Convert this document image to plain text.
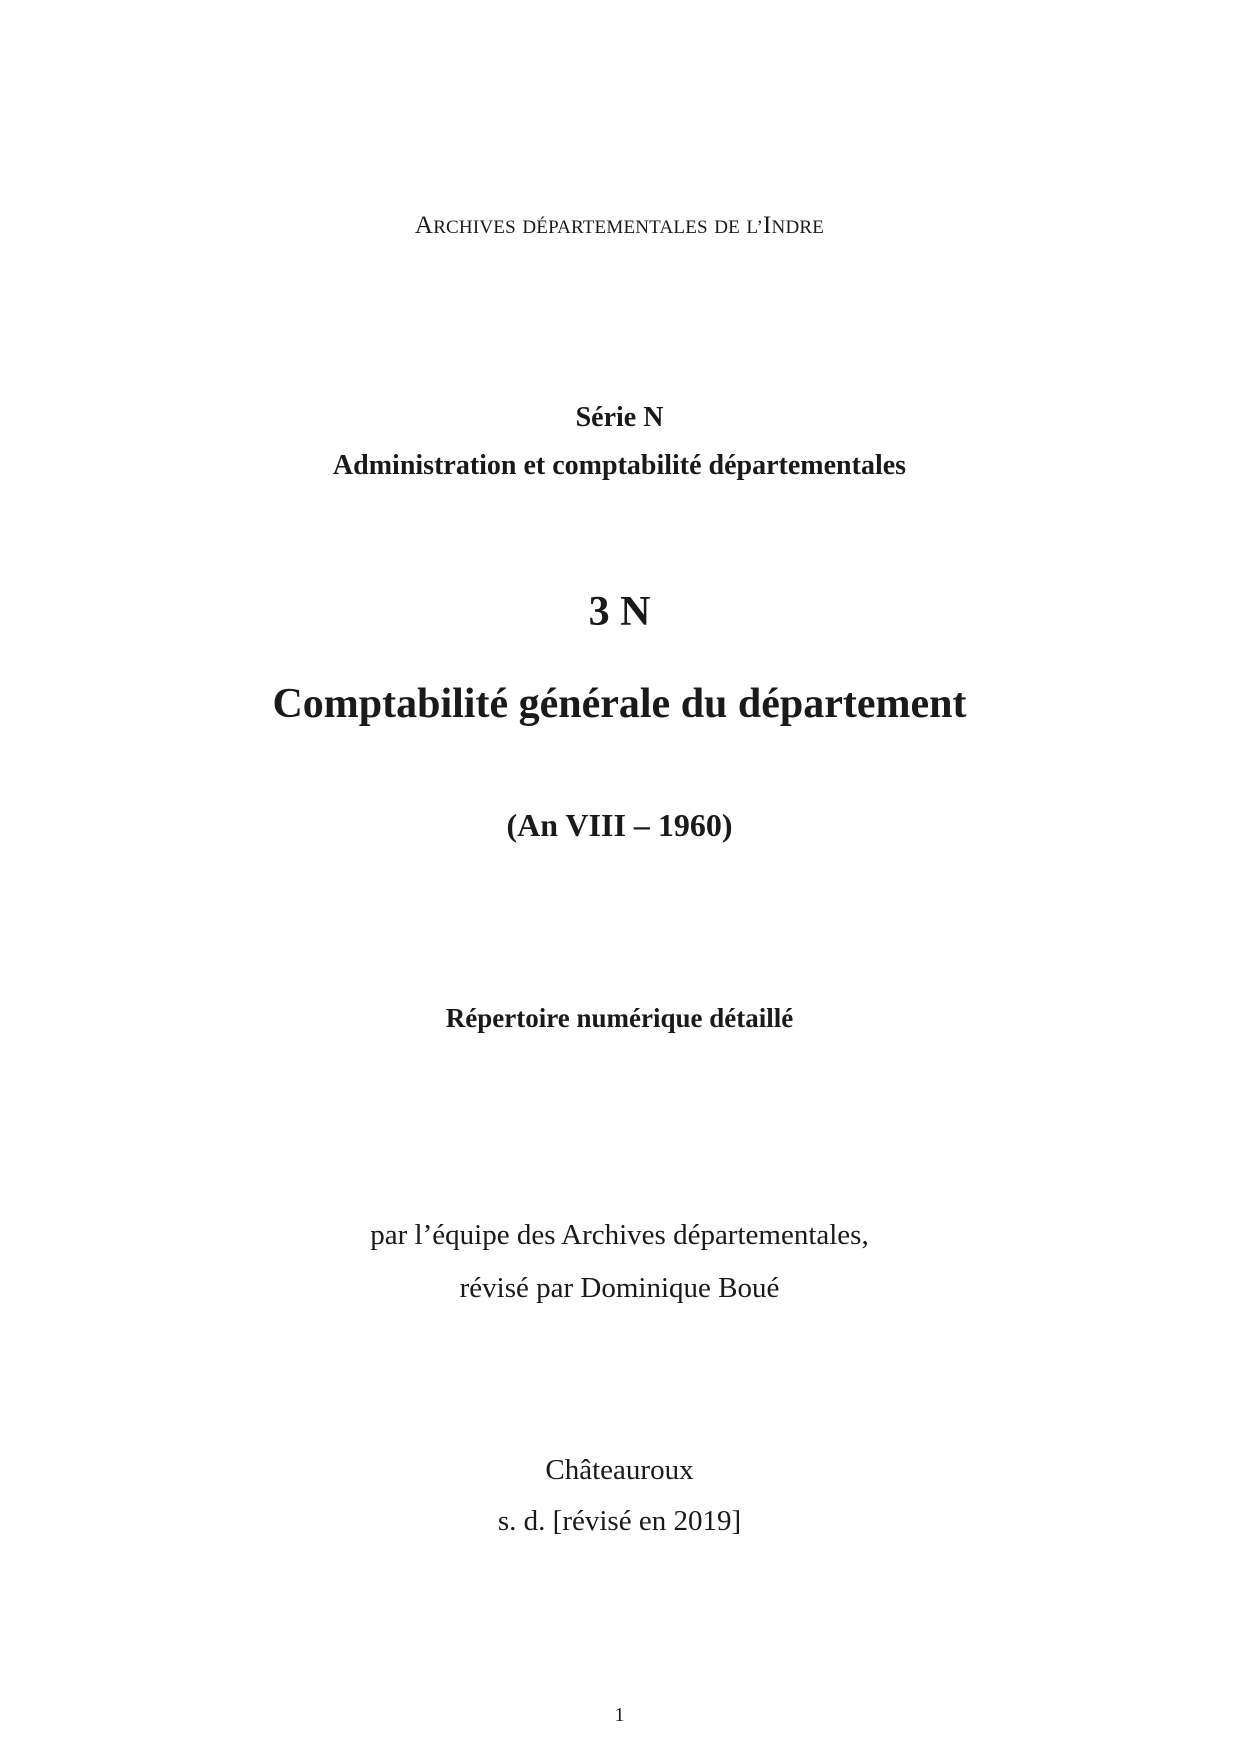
ARCHIVES DÉPARTEMENTALES DE L’INDRE
Série N
Administration et comptabilité départementales
3 N
Comptabilité générale du département
(An VIII – 1960)
Répertoire numérique détaillé
par l’équipe des Archives départementales,
révisé par Dominique Boué
Châteauroux
s. d. [révisé en 2019]
1
